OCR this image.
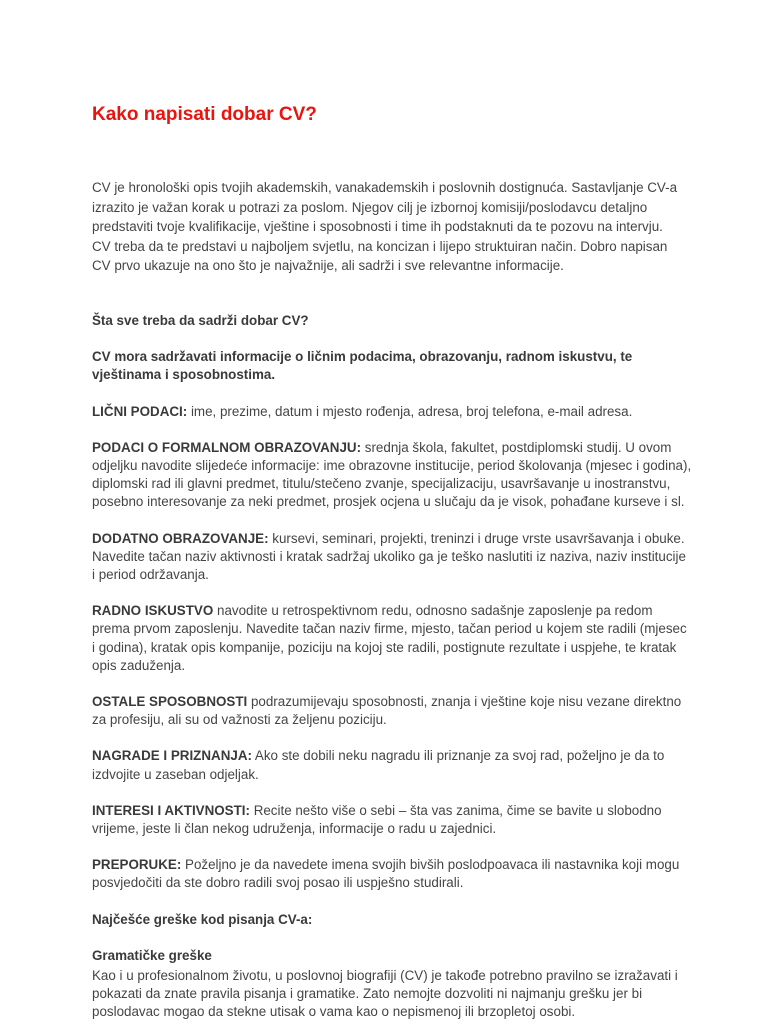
Kako napisati dobar CV?

CV je hronološki opis tvojih akademskih, vanakademskih i poslovnih dostignuća. Sastavljanje CV-a izrazito je važan korak u potrazi za poslom. Njegov cilj je izbornoj komisiji/poslodavcu detaljno predstaviti tvoje kvalifikacije, vještine i sposobnosti i time ih podstaknuti da te pozovu na intervju. CV treba da te predstavi u najboljem svjetlu, na koncizan i lijepo struktuiran način. Dobro napisan CV prvo ukazuje na ono što je najvažnije, ali sadrži i sve relevantne informacije.

Šta sve treba da sadrži dobar CV?

CV mora sadržavati informacije o ličnim podacima, obrazovanju, radnom iskustvu, te vještinama i sposobnostima.

LIČNI PODACI: ime, prezime, datum i mjesto rođenja, adresa, broj telefona, e-mail adresa.

PODACI O FORMALNOM OBRAZOVANJU: srednja škola, fakultet, postdiplomski studij. U ovom odjeljku navodite slijedeće informacije: ime obrazovne institucije, period školovanja (mjesec i godina), diplomski rad ili glavni predmet, titulu/stečeno zvanje, specijalizaciju, usavršavanje u inostranstvu, posebno interesovanje za neki predmet, prosjek ocjena u slučaju da je visok, pohađane kurseve i sl.

DODATNO OBRAZOVANJE: kursevi, seminari, projekti, treninzi i druge vrste usavršavanja i obuke. Navedite tačan naziv aktivnosti i kratak sadržaj ukoliko ga je teško naslutiti iz naziva, naziv institucije i period održavanja.

RADNO ISKUSTVO navodite u retrospektivnom redu, odnosno sadašnje zaposlenje pa redom prema prvom zaposlenju. Navedite tačan naziv firme, mjesto, tačan period u kojem ste radili (mjesec i godina), kratak opis kompanije, poziciju na kojoj ste radili, postignute rezultate i uspjehe, te kratak opis zaduženja.

OSTALE SPOSOBNOSTI podrazumijevaju sposobnosti, znanja i vještine koje nisu vezane direktno za profesiju, ali su od važnosti za željenu poziciju.

NAGRADE I PRIZNANJA: Ako ste dobili neku nagradu ili priznanje za svoj rad, poželjno je da to izdvojite u zaseban odjeljak.

INTERESI I AKTIVNOSTI: Recite nešto više o sebi – šta vas zanima, čime se bavite u slobodno vrijeme, jeste li član nekog udruženja, informacije o radu u zajednici.

PREPORUKE: Poželjno je da navedete imena svojih bivših poslodpoavaca ili nastavnika koji mogu posvjedočiti da ste dobro radili svoj posao ili uspješno studirali.

Najčešće greške kod pisanja CV-a:

Gramatičke greške
Kao i u profesionalnom životu, u poslovnoj biografiji (CV) je takođe potrebno pravilno se izražavati i pokazati da znate pravila pisanja i gramatike. Zato nemojte dozvoliti ni najmanju grešku jer bi poslodavac mogao da stekne utisak o vama kao o nepismenoj ili brzopletoj osobi.
